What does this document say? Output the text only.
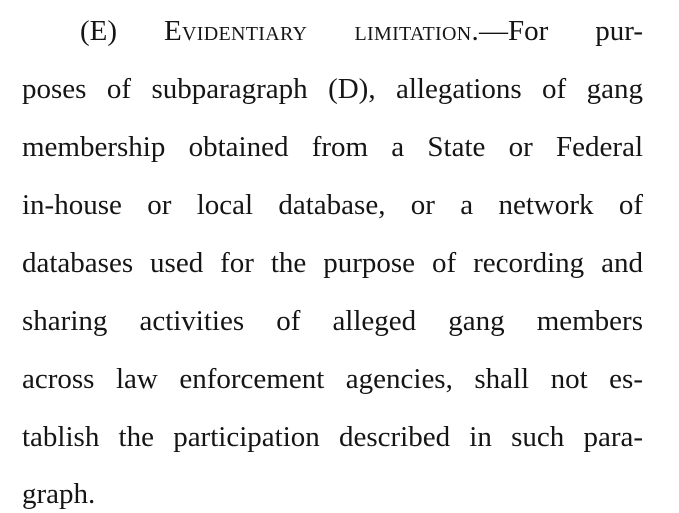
(E) Evidentiary limitation.—For pur-
poses of subparagraph (D), allegations of gang
membership obtained from a State or Federal
in-house or local database, or a network of
databases used for the purpose of recording and
sharing activities of alleged gang members
across law enforcement agencies, shall not es-
tablish the participation described in such para-
graph.
